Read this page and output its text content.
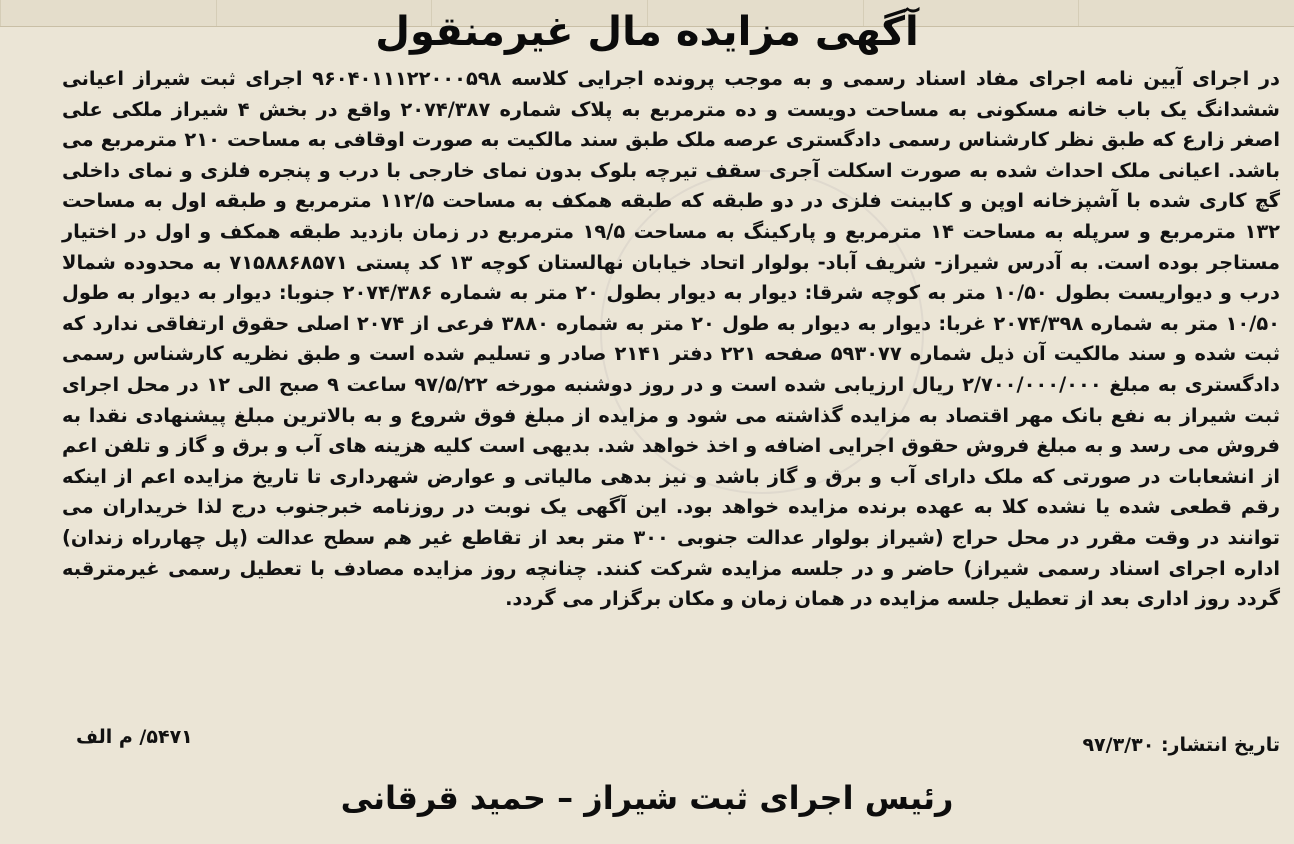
آگهی مزایده مال غیرمنقول
در اجرای آیین نامه اجرای مفاد اسناد رسمی و به موجب پرونده اجرایی کلاسه ۹۶۰۴۰۱۱۱۲۲۰۰۰۵۹۸ اجرای ثبت شیراز اعیانی ششدانگ یک باب خانه مسکونی به مساحت دویست و ده مترمربع به پلاک شماره ۲۰۷۴/۳۸۷ واقع در بخش ۴ شیراز ملکی علی اصغر زارع که طبق نظر کارشناس رسمی دادگستری عرصه ملک طبق سند مالکیت به صورت اوقافی به مساحت ۲۱۰ مترمربع می باشد. اعیانی ملک احداث شده به صورت اسکلت آجری سقف تیرچه بلوک بدون نمای خارجی با درب و پنجره فلزی و نمای داخلی گچ کاری شده با آشپزخانه اوپن و کابینت فلزی در دو طبقه که طبقه همکف به مساحت ۱۱۲/۵ مترمربع و طبقه اول به مساحت ۱۳۲ مترمربع و سرپله به مساحت ۱۴ مترمربع و پارکینگ به مساحت ۱۹/۵ مترمربع در زمان بازدید طبقه همکف و اول در اختیار مستاجر بوده است. به آدرس شیراز- شریف آباد- بولوار اتحاد خیابان نهالستان کوچه ۱۳ کد پستی ۷۱۵۸۸۶۸۵۷۱ به محدوده شمالا درب و دیواریست بطول ۱۰/۵۰ متر به کوچه شرقا: دیوار به دیوار بطول ۲۰ متر به شماره ۲۰۷۴/۳۸۶ جنوبا: دیوار به دیوار به طول ۱۰/۵۰ متر به شماره ۲۰۷۴/۳۹۸ غربا: دیوار به دیوار به طول ۲۰ متر به شماره ۳۸۸۰ فرعی از ۲۰۷۴ اصلی حقوق ارتفاقی ندارد که ثبت شده و سند مالکیت آن ذیل شماره ۵۹۳۰۷۷ صفحه ۲۲۱ دفتر ۲۱۴۱ صادر و تسلیم شده است و طبق نظریه کارشناس رسمی دادگستری به مبلغ ۲/۷۰۰/۰۰۰/۰۰۰ ریال ارزیابی شده است و در روز دوشنبه مورخه ۹۷/۵/۲۲ ساعت ۹ صبح الی ۱۲ در محل اجرای ثبت شیراز به نفع بانک مهر اقتصاد به مزایده گذاشته می شود و مزایده از مبلغ فوق شروع و به بالاترین مبلغ پیشنهادی نقدا به فروش می رسد و به مبلغ فروش حقوق اجرایی اضافه و اخذ خواهد شد. بدیهی است کلیه هزینه های آب و برق و گاز و تلفن اعم از انشعابات در صورتی که ملک دارای آب و برق و گاز باشد و نیز بدهی مالیاتی و عوارض شهرداری تا تاریخ مزایده اعم از اینکه رقم قطعی شده یا نشده کلا به عهده برنده مزایده خواهد بود. این آگهی یک نوبت در روزنامه خبرجنوب درج لذا خریداران می توانند در وقت مقرر در محل حراج (شیراز بولوار عدالت جنوبی ۳۰۰ متر بعد از تقاطع غیر هم سطح عدالت (پل چهارراه زندان) اداره اجرای اسناد رسمی شیراز) حاضر و در جلسه مزایده شرکت کنند. چنانچه روز مزایده مصادف با تعطیل رسمی غیرمترقبه گردد روز اداری بعد از تعطیل جلسه مزایده در همان زمان و مکان برگزار می گردد.
تاریخ انتشار: ۹۷/۳/۳۰
۵۴۷۱/ م الف
رئیس اجرای ثبت شیراز – حمید قرقانی
